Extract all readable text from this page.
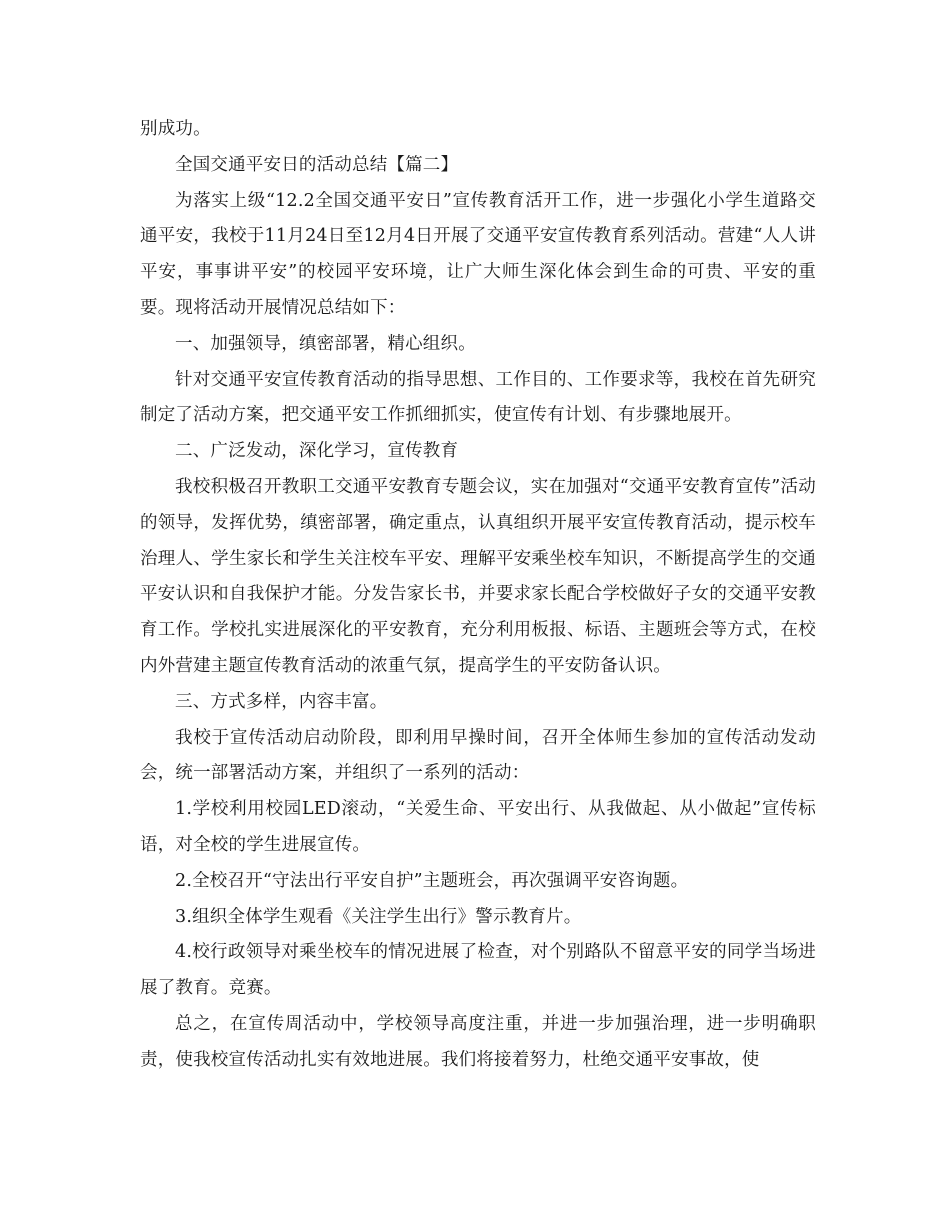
别成功。

全国交通平安日的活动总结【篇二】

为落实上级“12.2全国交通平安日”宣传教育活开工作，进一步强化小学生道路交通平安，我校于11月24日至12月4日开展了交通平安宣传教育系列活动。营建“人人讲平安，事事讲平安”的校园平安环境，让广大师生深化体会到生命的可贵、平安的重要。现将活动开展情况总结如下：

一、加强领导，缜密部署，精心组织。

针对交通平安宣传教育活动的指导思想、工作目的、工作要求等，我校在首先研究制定了活动方案，把交通平安工作抓细抓实，使宣传有计划、有步骤地展开。

二、广泛发动，深化学习，宣传教育

我校积极召开教职工交通平安教育专题会议，实在加强对“交通平安教育宣传”活动的领导，发挥优势，缜密部署，确定重点，认真组织开展平安宣传教育活动，提示校车治理人、学生家长和学生关注校车平安、理解平安乘坐校车知识，不断提高学生的交通平安认识和自我保护才能。分发告家长书，并要求家长配合学校做好子女的交通平安教育工作。学校扎实进展深化的平安教育，充分利用板报、标语、主题班会等方式，在校内外营建主题宣传教育活动的浓重气氛，提高学生的平安防备认识。

三、方式多样，内容丰富。

我校于宣传活动启动阶段，即利用早操时间，召开全体师生参加的宣传活动发动会，统一部署活动方案，并组织了一系列的活动：

1.学校利用校园LED滚动，“关爱生命、平安出行、从我做起、从小做起”宣传标语，对全校的学生进展宣传。

2.全校召开“守法出行平安自护”主题班会，再次强调平安咨询题。

3.组织全体学生观看《关注学生出行》警示教育片。

4.校行政领导对乘坐校车的情况进展了检查，对个别路队不留意平安的同学当场进展了教育。竞赛。

总之，在宣传周活动中，学校领导高度注重，并进一步加强治理，进一步明确职责，使我校宣传活动扎实有效地进展。我们将接着努力，杜绝交通平安事故，使
